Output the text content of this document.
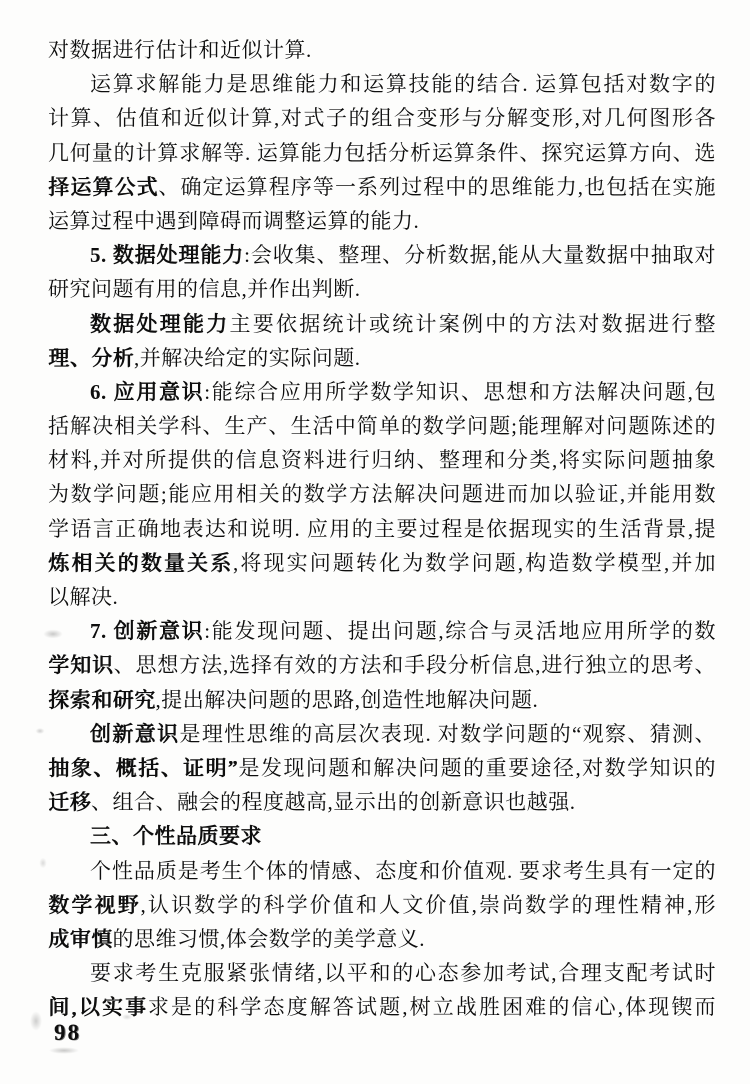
对数据进行估计和近似计算.
运算求解能力是思维能力和运算技能的结合. 运算包括对数字的
计算、估值和近似计算,对式子的组合变形与分解变形,对几何图形各
几何量的计算求解等. 运算能力包括分析运算条件、探究运算方向、选
择运算公式、确定运算程序等一系列过程中的思维能力,也包括在实施
运算过程中遇到障碍而调整运算的能力.
5. 数据处理能力:会收集、整理、分析数据,能从大量数据中抽取对
研究问题有用的信息,并作出判断.
数据处理能力主要依据统计或统计案例中的方法对数据进行整
理、分析,并解决给定的实际问题.
6. 应用意识:能综合应用所学数学知识、思想和方法解决问题,包
括解决相关学科、生产、生活中简单的数学问题;能理解对问题陈述的
材料,并对所提供的信息资料进行归纳、整理和分类,将实际问题抽象
为数学问题;能应用相关的数学方法解决问题进而加以验证,并能用数
学语言正确地表达和说明. 应用的主要过程是依据现实的生活背景,提
炼相关的数量关系,将现实问题转化为数学问题,构造数学模型,并加
以解决.
7. 创新意识:能发现问题、提出问题,综合与灵活地应用所学的数
学知识、思想方法,选择有效的方法和手段分析信息,进行独立的思考、
探索和研究,提出解决问题的思路,创造性地解决问题.
创新意识是理性思维的高层次表现. 对数学问题的“观察、猜测、
抽象、概括、证明”是发现问题和解决问题的重要途径,对数学知识的
迁移、组合、融会的程度越高,显示出的创新意识也越强.
三、个性品质要求
个性品质是考生个体的情感、态度和价值观. 要求考生具有一定的
数学视野,认识数学的科学价值和人文价值,崇尚数学的理性精神,形
成审慎的思维习惯,体会数学的美学意义.
要求考生克服紧张情绪,以平和的心态参加考试,合理支配考试时
间,以实事求是的科学态度解答试题,树立战胜困难的信心,体现锲而
98
